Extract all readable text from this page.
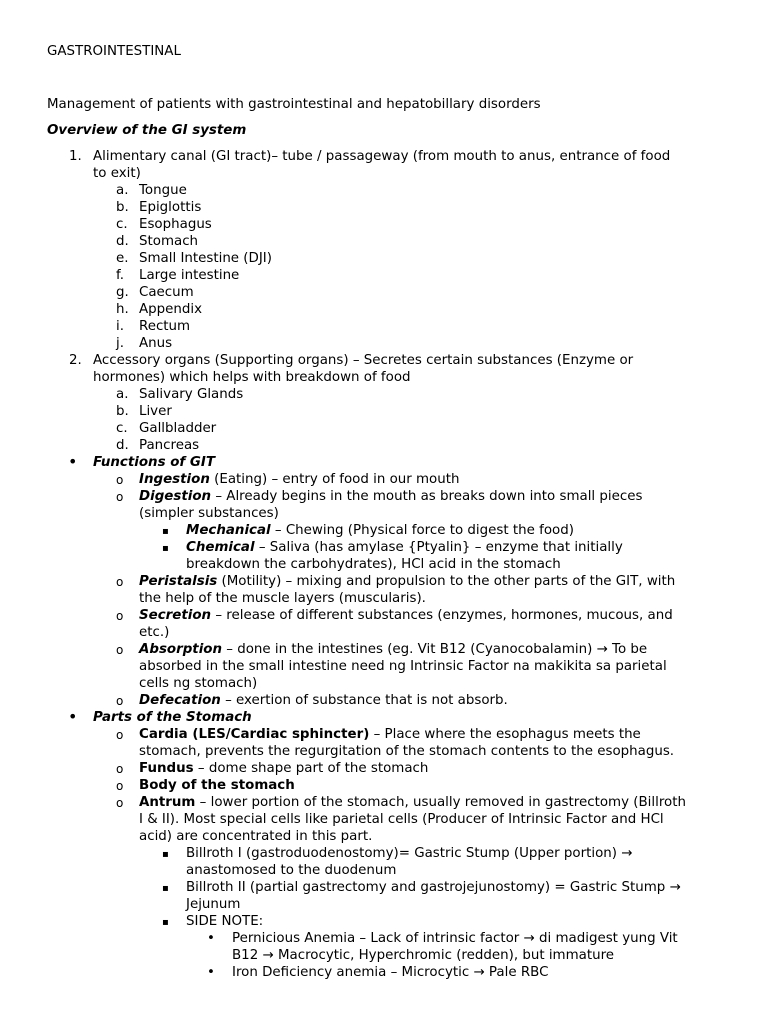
GASTROINTESTINAL
Management of patients with gastrointestinal and hepatobillary disorders
Overview of the GI system
1. Alimentary canal (GI tract)– tube / passageway (from mouth to anus, entrance of food
to exit)
a. Tongue
b. Epiglottis
c. Esophagus
d. Stomach
e. Small Intestine (DJI)
f. Large intestine
g. Caecum
h. Appendix
i. Rectum
j. Anus
2. Accessory organs (Supporting organs) – Secretes certain substances (Enzyme or
hormones) which helps with breakdown of food
a. Salivary Glands
b. Liver
c. Gallbladder
d. Pancreas
• Functions of GIT
o Ingestion (Eating) – entry of food in our mouth
o Digestion – Already begins in the mouth as breaks down into small pieces
(simpler substances)
▪ Mechanical – Chewing (Physical force to digest the food)
▪ Chemical – Saliva (has amylase {Ptyalin} – enzyme that initially
breakdown the carbohydrates), HCl acid in the stomach
o Peristalsis (Motility) – mixing and propulsion to the other parts of the GIT, with
the help of the muscle layers (muscularis).
o Secretion – release of different substances (enzymes, hormones, mucous, and
etc.)
o Absorption – done in the intestines (eg. Vit B12 (Cyanocobalamin) → To be
absorbed in the small intestine need ng Intrinsic Factor na makikita sa parietal
cells ng stomach)
o Defecation – exertion of substance that is not absorb.
• Parts of the Stomach
o Cardia (LES/Cardiac sphincter) – Place where the esophagus meets the
stomach, prevents the regurgitation of the stomach contents to the esophagus.
o Fundus – dome shape part of the stomach
o Body of the stomach
o Antrum – lower portion of the stomach, usually removed in gastrectomy (Billroth
I & II). Most special cells like parietal cells (Producer of Intrinsic Factor and HCl
acid) are concentrated in this part.
▪ Billroth I (gastroduodenostomy)= Gastric Stump (Upper portion) →
anastomosed to the duodenum
▪ Billroth II (partial gastrectomy and gastrojejunostomy) = Gastric Stump →
Jejunum
▪ SIDE NOTE:
• Pernicious Anemia – Lack of intrinsic factor → di madigest yung Vit
B12 → Macrocytic, Hyperchromic (redden), but immature
• Iron Deficiency anemia – Microcytic → Pale RBC
